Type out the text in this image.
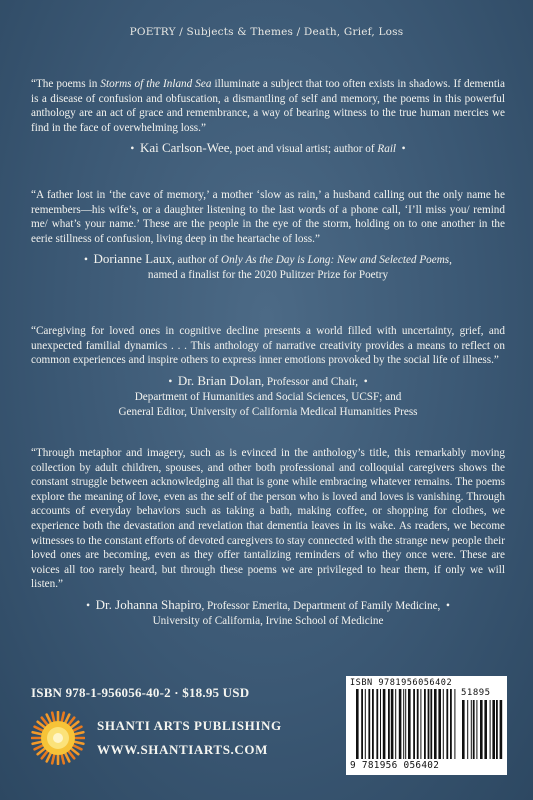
POETRY / Subjects & Themes / Death, Grief, Loss

“The poems in Storms of the Inland Sea illuminate a subject that too often exists in shadows. If dementia is a disease of confusion and obfuscation, a dismantling of self and memory, the poems in this powerful anthology are an act of grace and remembrance, a way of bearing witness to the true human mercies we find in the face of overwhelming loss.”

• Kai Carlson-Wee, poet and visual artist; author of Rail •

“A father lost in ‘the cave of memory,’ a mother ‘slow as rain,’ a husband calling out the only name he remembers—his wife’s, or a daughter listening to the last words of a phone call, ‘I’ll miss you/ remind me/ what’s your name.’ These are the people in the eye of the storm, holding on to one another in the eerie stillness of confusion, living deep in the heartache of loss.”

• Dorianne Laux, author of Only As the Day is Long: New and Selected Poems,
named a finalist for the 2020 Pulitzer Prize for Poetry

“Caregiving for loved ones in cognitive decline presents a world filled with uncertainty, grief, and unexpected familial dynamics . . . This anthology of narrative creativity provides a means to reflect on common experiences and inspire others to express inner emotions provoked by the social life of illness.”

• Dr. Brian Dolan, Professor and Chair, •
Department of Humanities and Social Sciences, UCSF; and
General Editor, University of California Medical Humanities Press

“Through metaphor and imagery, such as is evinced in the anthology’s title, this remarkably moving collection by adult children, spouses, and other both professional and colloquial caregivers shows the constant struggle between acknowledging all that is gone while embracing whatever remains. The poems explore the meaning of love, even as the self of the person who is loved and loves is vanishing. Through accounts of everyday behaviors such as taking a bath, making coffee, or shopping for clothes, we experience both the devastation and revelation that dementia leaves in its wake. As readers, we become witnesses to the constant efforts of devoted caregivers to stay connected with the strange new people their loved ones are becoming, even as they offer tantalizing reminders of who they once were. These are voices all too rarely heard, but through these poems we are privileged to hear them, if only we will listen.”

• Dr. Johanna Shapiro, Professor Emerita, Department of Family Medicine, •
University of California, Irvine School of Medicine

ISBN 978-1-956056-40-2 · $18.95 USD
SHANTI ARTS PUBLISHING
WWW.SHANTIARTS.COM
ISBN 9781956056402
51895
9 781956 056402
